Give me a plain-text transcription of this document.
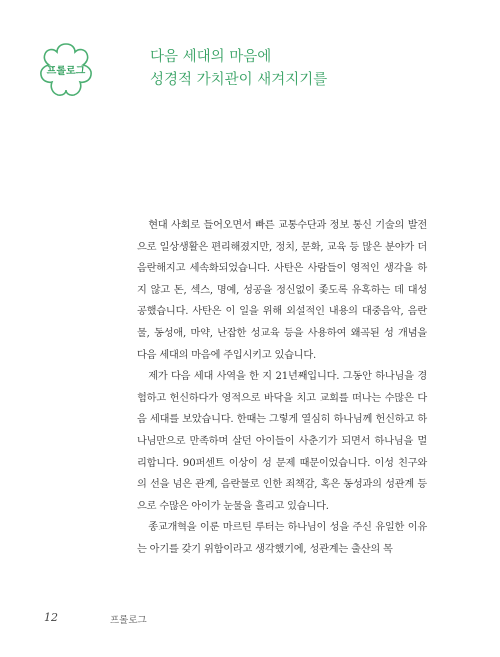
프롤로그
다음 세대의 마음에
성경적 가치관이 새겨지기를

현대 사회로 들어오면서 빠른 교통수단과 정보 통신 기술의 발전으로 일상생활은 편리해졌지만, 정치, 문화, 교육 등 많은 분야가 더 음란해지고 세속화되었습니다. 사탄은 사람들이 영적인 생각을 하지 않고 돈, 섹스, 명예, 성공을 정신없이 좇도록 유혹하는 데 대성공했습니다. 사탄은 이 일을 위해 외설적인 내용의 대중음악, 음란물, 동성애, 마약, 난잡한 성교육 등을 사용하여 왜곡된 성 개념을 다음 세대의 마음에 주입시키고 있습니다.

제가 다음 세대 사역을 한 지 21년째입니다. 그동안 하나님을 경험하고 헌신하다가 영적으로 바닥을 치고 교회를 떠나는 수많은 다음 세대를 보았습니다. 한때는 그렇게 열심히 하나님께 헌신하고 하나님만으로 만족하며 살던 아이들이 사춘기가 되면서 하나님을 멀리합니다. 90퍼센트 이상이 성 문제 때문이었습니다. 이성 친구와의 선을 넘은 관계, 음란물로 인한 죄책감, 혹은 동성과의 성관계 등으로 수많은 아이가 눈물을 흘리고 있습니다.

종교개혁을 이룬 마르틴 루터는 하나님이 성을 주신 유일한 이유는 아기를 갖기 위함이라고 생각했기에, 성관계는 출산의 목

12	프롤로그
